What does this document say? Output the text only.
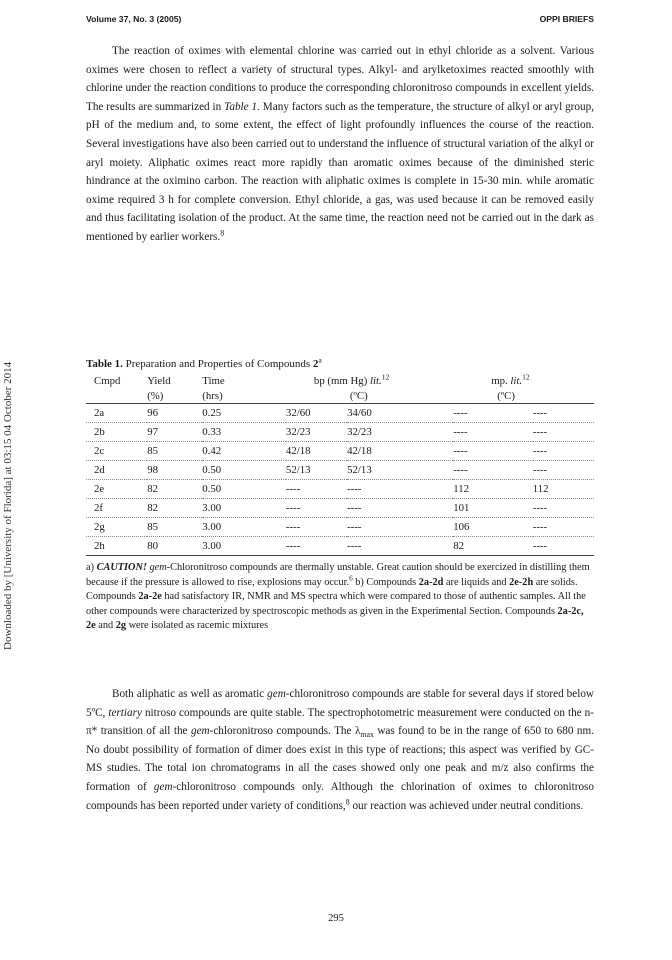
Volume 37, No. 3 (2005)	OPPI BRIEFS
Downloaded by [University of Florida] at 03:15 04 October 2014

The reaction of oximes with elemental chlorine was carried out in ethyl chloride as a solvent. Various oximes were chosen to reflect a variety of structural types. Alkyl- and arylketoximes reacted smoothly with chlorine under the reaction conditions to produce the corresponding chloronitroso compounds in excellent yields. The results are summarized in Table 1. Many factors such as the temperature, the structure of alkyl or aryl group, pH of the medium and, to some extent, the effect of light profoundly influences the course of the reaction. Several investigations have also been carried out to understand the influence of structural variation of the alkyl or aryl moiety. Aliphatic oximes react more rapidly than aromatic oximes because of the diminished steric hindrance at the oximino carbon. The reaction with aliphatic oximes is complete in 15-30 min. while aromatic oxime required 3 h for complete conversion. Ethyl chloride, a gas, was used because it can be removed easily and thus facilitating isolation of the product. At the same time, the reaction need not be carried out in the dark as mentioned by earlier workers.$^8$

Table 1. Preparation and Properties of Compounds 2$^a$
Cmpd	Yield	Time	bp (mm Hg) lit.$^{12}$		mp. lit.$^{12}$
	(%)	(hrs)	(ºC)		(ºC)	
2a	96	0.25	32/60	34/60	----	----
2b	97	0.33	32/23	32/23	----	----
2c	85	0.42	42/18	42/18	----	----
2d	98	0.50	52/13	52/13	----	----
2e	82	0.50	----	----	112	112
2f	82	3.00	----	----	101	----
2g	85	3.00	----	----	106	----
2h	80	3.00	----	----	82	----

a) CAUTION! gem-Chloronitroso compounds are thermally unstable. Great caution should be exercized in distilling them because if the pressure is allowed to rise, explosions may occur.$^6$ b) Compounds 2a-2d are liquids and 2e-2h are solids. Compounds 2a-2e had satisfactory IR, NMR and MS spectra which were compared to those of authentic samples. All the other compounds were characterized by spectroscopic methods as given in the Experimental Section. Compounds 2a-2c, 2e and 2g were isolated as racemic mixtures

Both aliphatic as well as aromatic gem-chloronitroso compounds are stable for several days if stored below 5ºC, tertiary nitroso compounds are quite stable. The spectrophotometric measurement were conducted on the n-π* transition of all the gem-chloronitroso compounds. The $\lambda_{max}$ was found to be in the range of 650 to 680 nm. No doubt possibility of formation of dimer does exist in this type of reactions; this aspect was verified by GC-MS studies. The total ion chromatograms in all the cases showed only one peak and m/z also confirms the formation of gem-chloronitroso compounds only. Although the chlorination of oximes to chloronitroso compounds has been reported under variety of conditions,$^8$ our reaction was achieved under neutral conditions.

295
